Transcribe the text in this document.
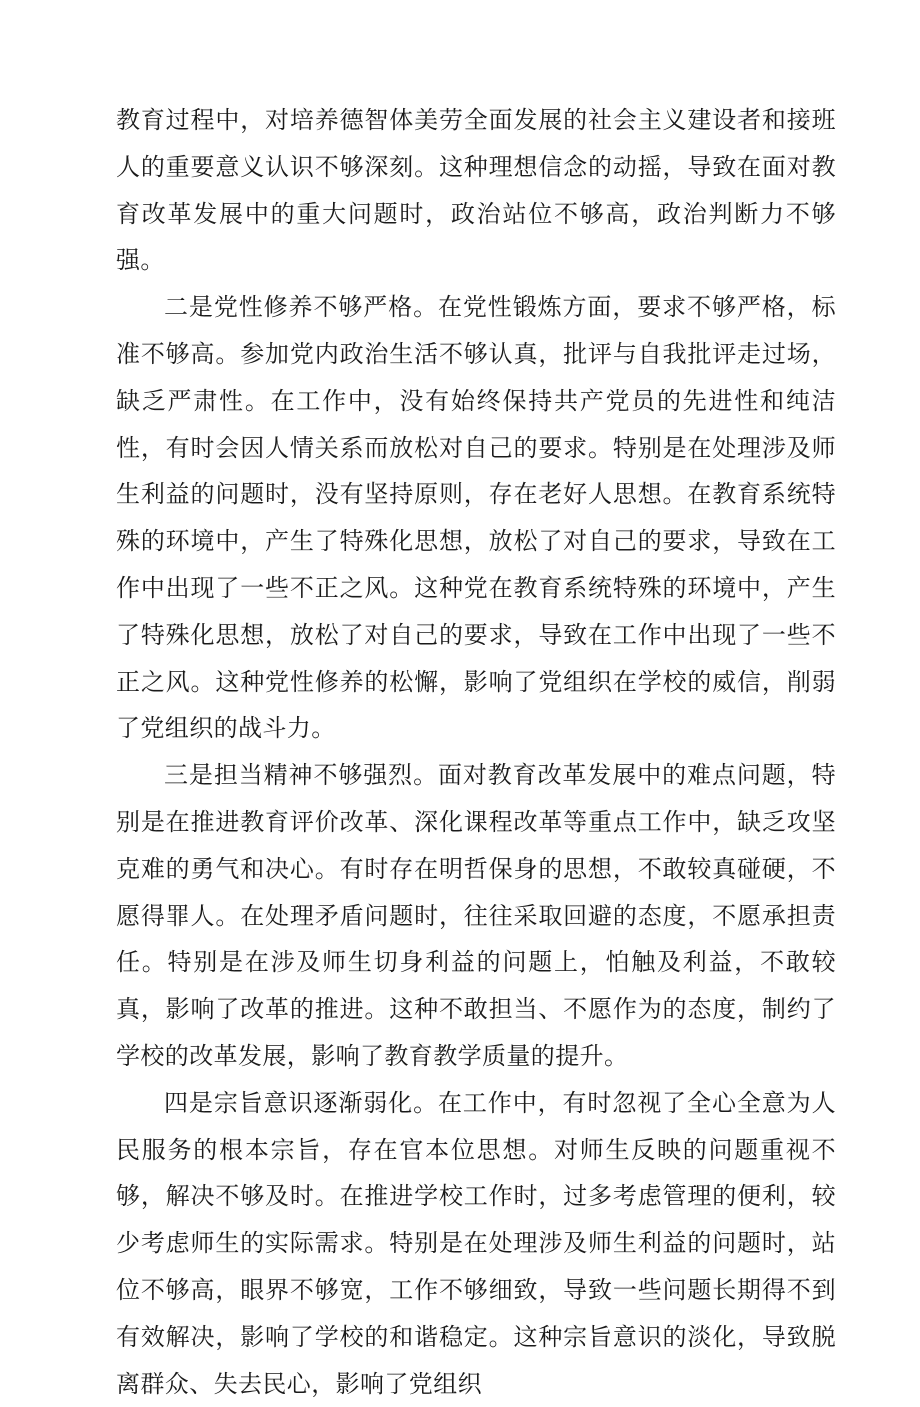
教育过程中，对培养德智体美劳全面发展的社会主义建设者和接班人的重要意义认识不够深刻。这种理想信念的动摇，导致在面对教育改革发展中的重大问题时，政治站位不够高，政治判断力不够强。

二是党性修养不够严格。在党性锻炼方面，要求不够严格，标准不够高。参加党内政治生活不够认真，批评与自我批评走过场，缺乏严肃性。在工作中，没有始终保持共产党员的先进性和纯洁性，有时会因人情关系而放松对自己的要求。特别是在处理涉及师生利益的问题时，没有坚持原则，存在老好人思想。在教育系统特殊的环境中，产生了特殊化思想，放松了对自己的要求，导致在工作中出现了一些不正之风。这种党在教育系统特殊的环境中，产生了特殊化思想，放松了对自己的要求，导致在工作中出现了一些不正之风。这种党性修养的松懈，影响了党组织在学校的威信，削弱了党组织的战斗力。

三是担当精神不够强烈。面对教育改革发展中的难点问题，特别是在推进教育评价改革、深化课程改革等重点工作中，缺乏攻坚克难的勇气和决心。有时存在明哲保身的思想，不敢较真碰硬，不愿得罪人。在处理矛盾问题时，往往采取回避的态度，不愿承担责任。特别是在涉及师生切身利益的问题上，怕触及利益，不敢较真，影响了改革的推进。这种不敢担当、不愿作为的态度，制约了学校的改革发展，影响了教育教学质量的提升。

四是宗旨意识逐渐弱化。在工作中，有时忽视了全心全意为人民服务的根本宗旨，存在官本位思想。对师生反映的问题重视不够，解决不够及时。在推进学校工作时，过多考虑管理的便利，较少考虑师生的实际需求。特别是在处理涉及师生利益的问题时，站位不够高，眼界不够宽，工作不够细致，导致一些问题长期得不到有效解决，影响了学校的和谐稳定。这种宗旨意识的淡化，导致脱离群众、失去民心，影响了党组织
